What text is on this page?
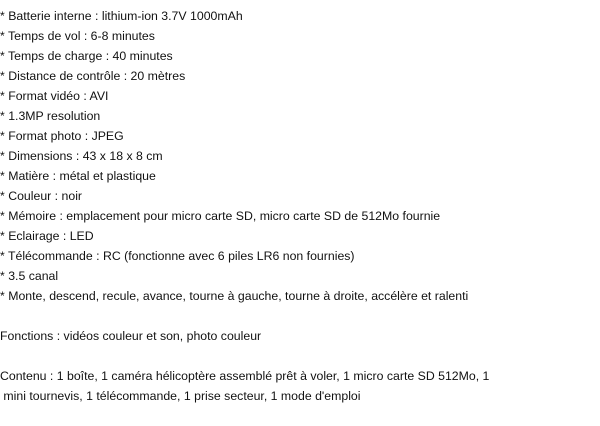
* Batterie interne : lithium-ion 3.7V 1000mAh
* Temps de vol : 6-8 minutes
* Temps de charge : 40 minutes
* Distance de contrôle : 20 mètres
* Format vidéo : AVI
* 1.3MP resolution
* Format photo : JPEG
* Dimensions : 43 x 18 x 8 cm
* Matière : métal et plastique
* Couleur : noir
* Mémoire : emplacement pour micro carte SD, micro carte SD de 512Mo fournie
* Eclairage : LED
* Télécommande : RC (fonctionne avec 6 piles LR6 non fournies)
* 3.5 canal
* Monte, descend, recule, avance, tourne à gauche, tourne à droite, accélère et ralenti
Fonctions : vidéos couleur et son, photo couleur
Contenu : 1 boîte, 1 caméra hélicoptère assemblé prêt à voler, 1 micro carte SD 512Mo, 1
mini tournevis, 1 télécommande, 1 prise secteur, 1 mode d'emploi
